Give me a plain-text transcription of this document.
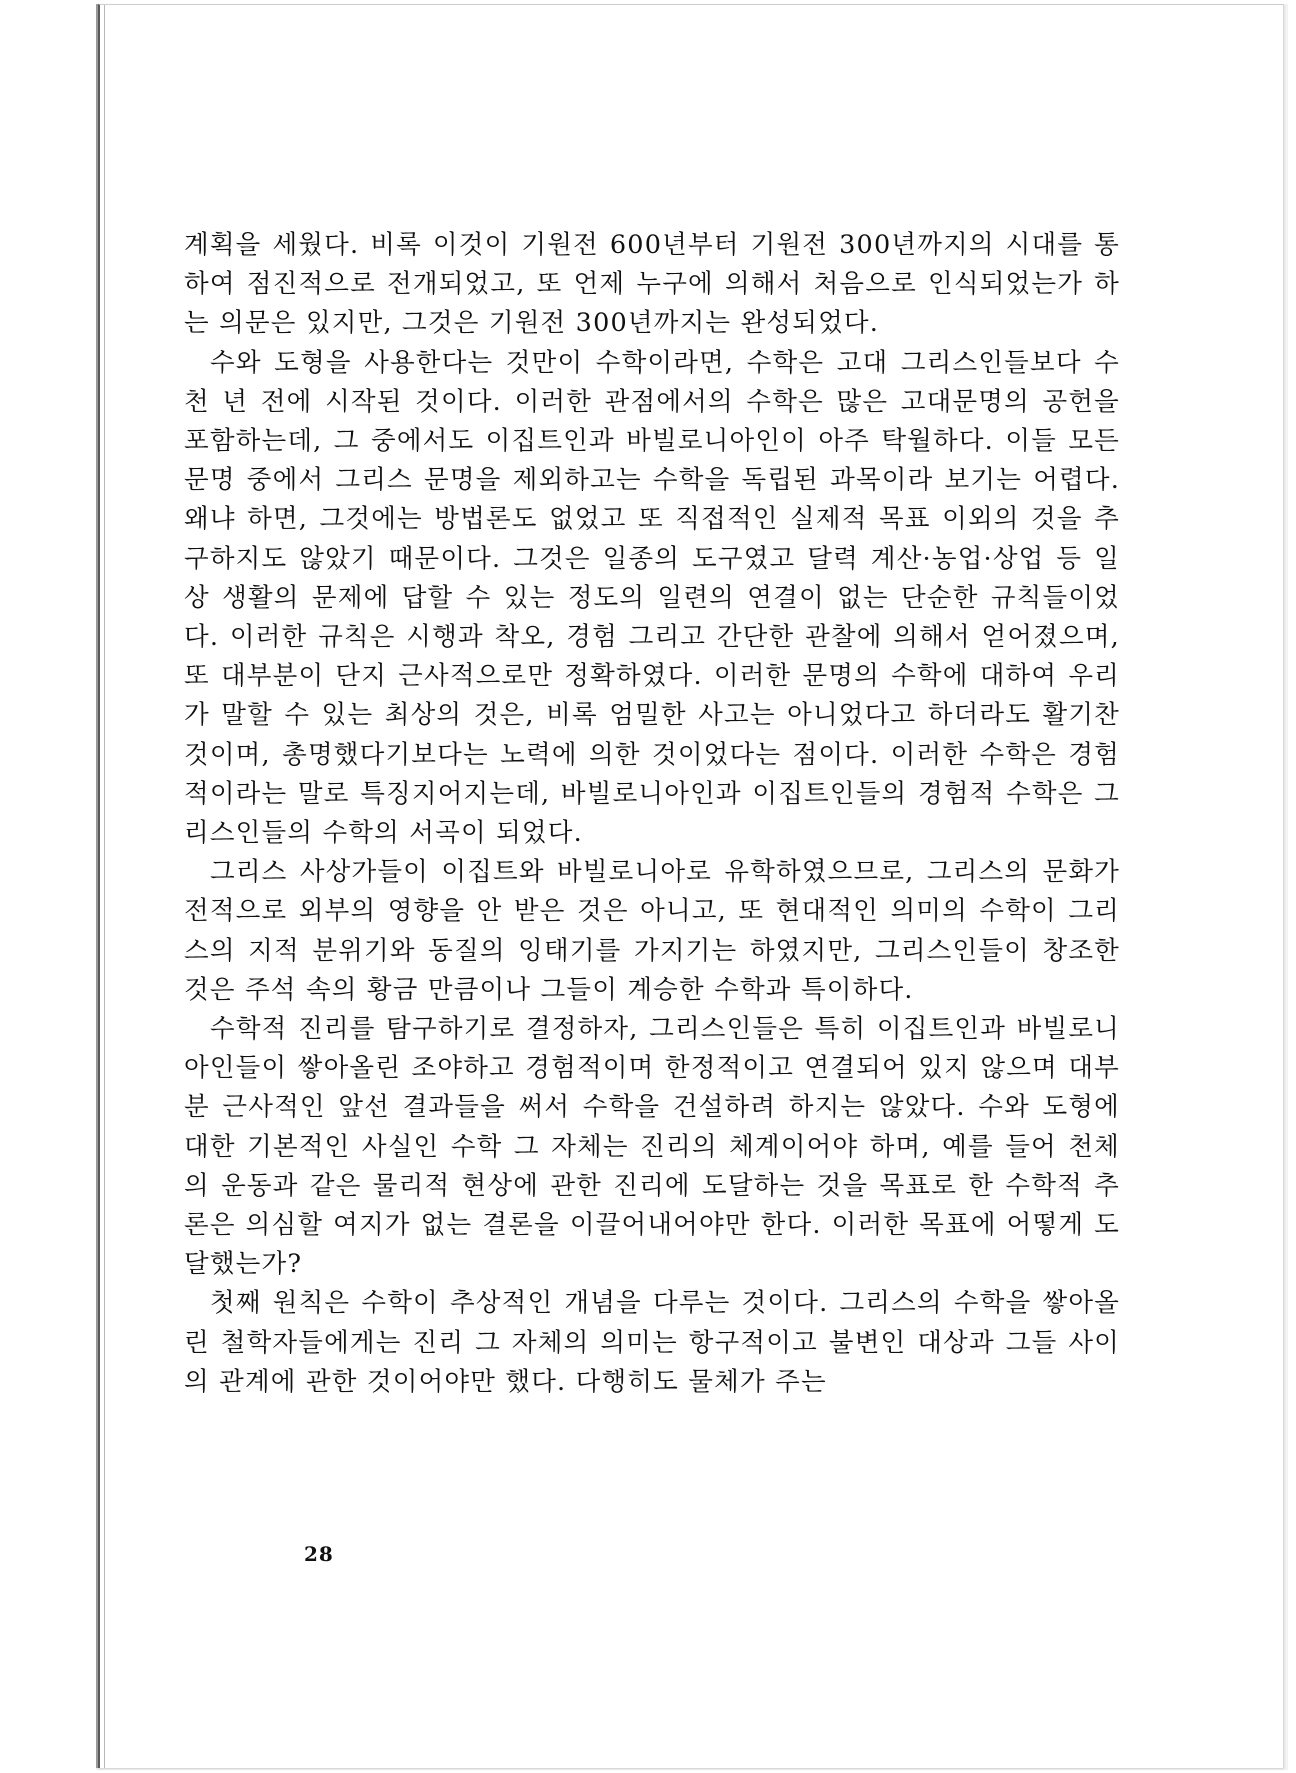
계획을 세웠다. 비록 이것이 기원전 600년부터 기원전 300년까지의 시대를 통하여 점진적으로 전개되었고, 또 언제 누구에 의해서 처음으로 인식되었는가 하는 의문은 있지만, 그것은 기원전 300년까지는 완성되었다.

수와 도형을 사용한다는 것만이 수학이라면, 수학은 고대 그리스인들보다 수천 년 전에 시작된 것이다. 이러한 관점에서의 수학은 많은 고대문명의 공헌을 포함하는데, 그 중에서도 이집트인과 바빌로니아인이 아주 탁월하다. 이들 모든 문명 중에서 그리스 문명을 제외하고는 수학을 독립된 과목이라 보기는 어렵다. 왜냐 하면, 그것에는 방법론도 없었고 또 직접적인 실제적 목표 이외의 것을 추구하지도 않았기 때문이다. 그것은 일종의 도구였고 달력 계산·농업·상업 등 일상 생활의 문제에 답할 수 있는 정도의 일련의 연결이 없는 단순한 규칙들이었다. 이러한 규칙은 시행과 착오, 경험 그리고 간단한 관찰에 의해서 얻어졌으며, 또 대부분이 단지 근사적으로만 정확하였다. 이러한 문명의 수학에 대하여 우리가 말할 수 있는 최상의 것은, 비록 엄밀한 사고는 아니었다고 하더라도 활기찬 것이며, 총명했다기보다는 노력에 의한 것이었다는 점이다. 이러한 수학은 경험적이라는 말로 특징지어지는데, 바빌로니아인과 이집트인들의 경험적 수학은 그리스인들의 수학의 서곡이 되었다.

그리스 사상가들이 이집트와 바빌로니아로 유학하였으므로, 그리스의 문화가 전적으로 외부의 영향을 안 받은 것은 아니고, 또 현대적인 의미의 수학이 그리스의 지적 분위기와 동질의 잉태기를 가지기는 하였지만, 그리스인들이 창조한 것은 주석 속의 황금 만큼이나 그들이 계승한 수학과 특이하다.

수학적 진리를 탐구하기로 결정하자, 그리스인들은 특히 이집트인과 바빌로니아인들이 쌓아올린 조야하고 경험적이며 한정적이고 연결되어 있지 않으며 대부분 근사적인 앞선 결과들을 써서 수학을 건설하려 하지는 않았다. 수와 도형에 대한 기본적인 사실인 수학 그 자체는 진리의 체계이어야 하며, 예를 들어 천체의 운동과 같은 물리적 현상에 관한 진리에 도달하는 것을 목표로 한 수학적 추론은 의심할 여지가 없는 결론을 이끌어내어야만 한다. 이러한 목표에 어떻게 도달했는가?

첫째 원칙은 수학이 추상적인 개념을 다루는 것이다. 그리스의 수학을 쌓아올린 철학자들에게는 진리 그 자체의 의미는 항구적이고 불변인 대상과 그들 사이의 관계에 관한 것이어야만 했다. 다행히도 물체가 주는

28
